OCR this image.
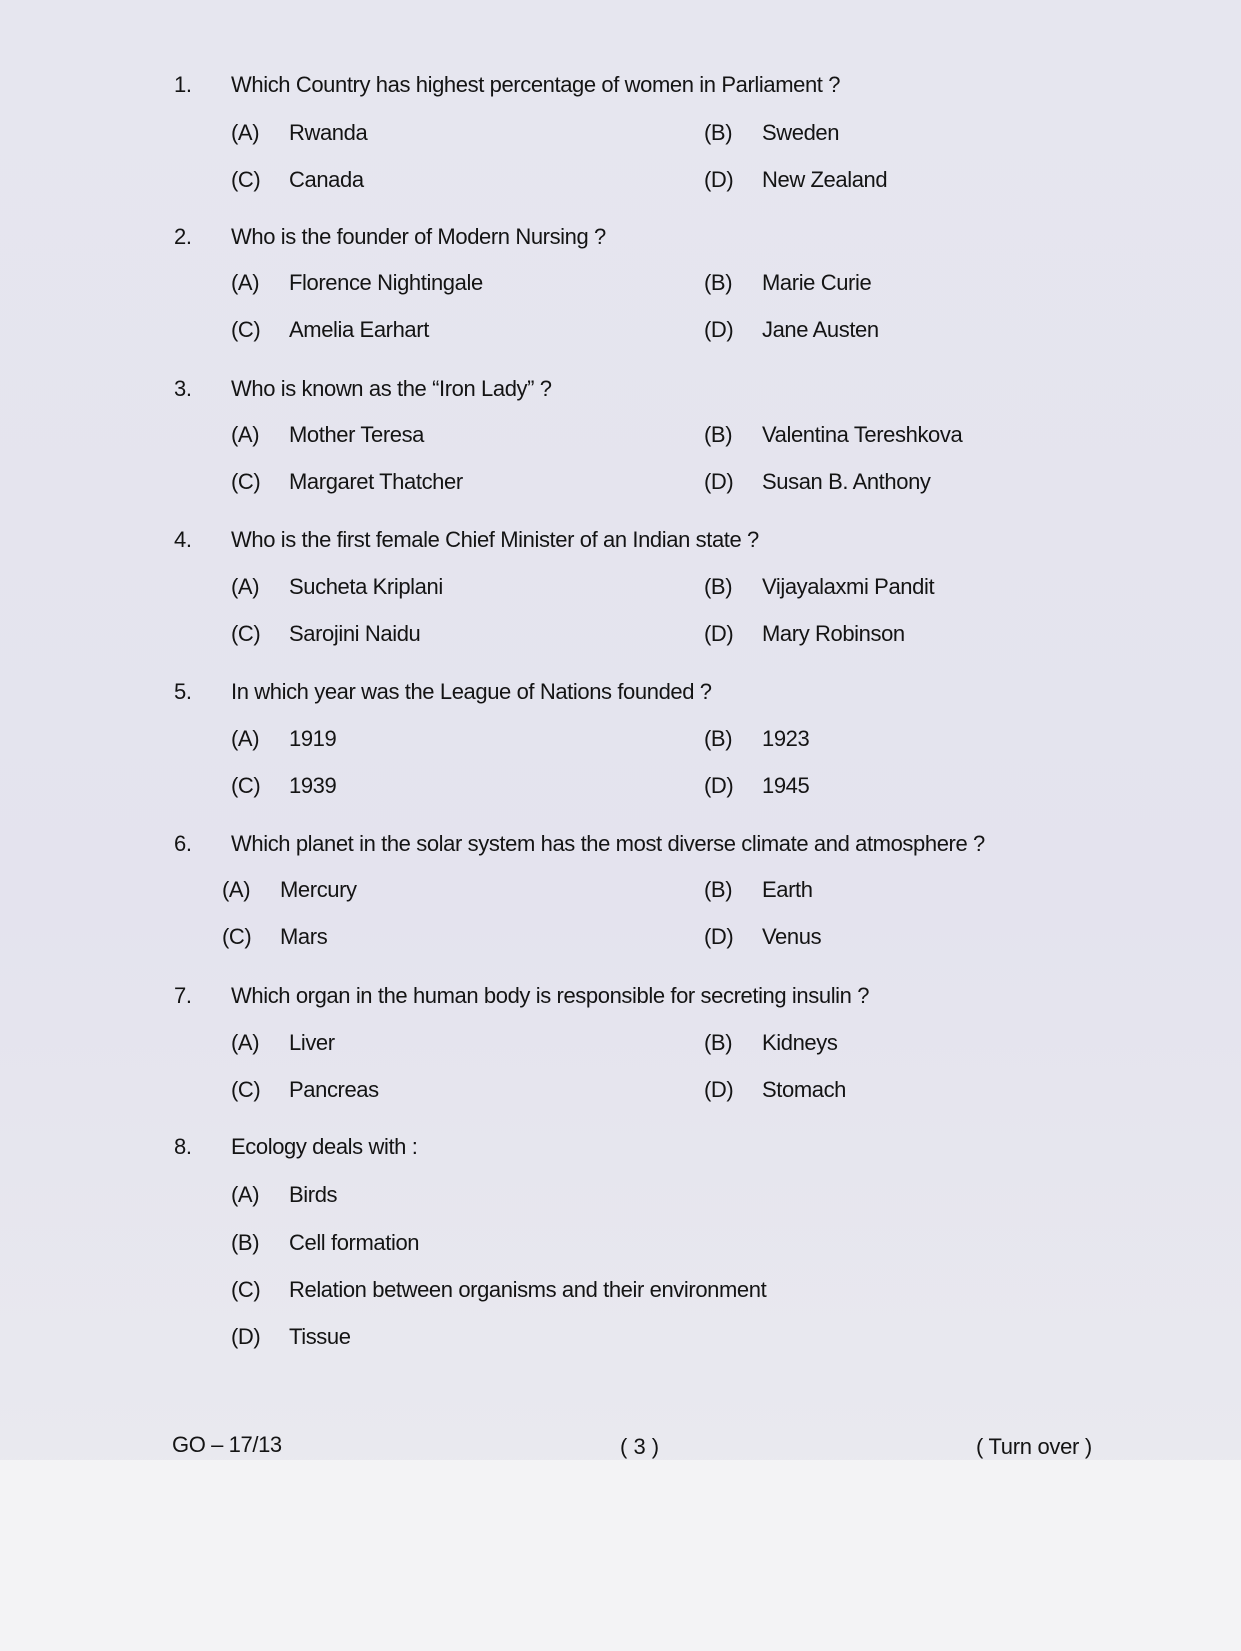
1. Which Country has highest percentage of women in Parliament ?
(A) Rwanda	(B) Sweden
(C) Canada	(D) New Zealand
2. Who is the founder of Modern Nursing ?
(A) Florence Nightingale	(B) Marie Curie
(C) Amelia Earhart	(D) Jane Austen
3. Who is known as the “Iron Lady” ?
(A) Mother Teresa	(B) Valentina Tereshkova
(C) Margaret Thatcher	(D) Susan B. Anthony
4. Who is the first female Chief Minister of an Indian state ?
(A) Sucheta Kriplani	(B) Vijayalaxmi Pandit
(C) Sarojini Naidu	(D) Mary Robinson
5. In which year was the League of Nations founded ?
(A) 1919	(B) 1923
(C) 1939	(D) 1945
6. Which planet in the solar system has the most diverse climate and atmosphere ?
(A) Mercury	(B) Earth
(C) Mars	(D) Venus
7. Which organ in the human body is responsible for secreting insulin ?
(A) Liver	(B) Kidneys
(C) Pancreas	(D) Stomach
8. Ecology deals with :
(A) Birds
(B) Cell formation
(C) Relation between organisms and their environment
(D) Tissue
GO – 17/13	( 3 )	( Turn over )
